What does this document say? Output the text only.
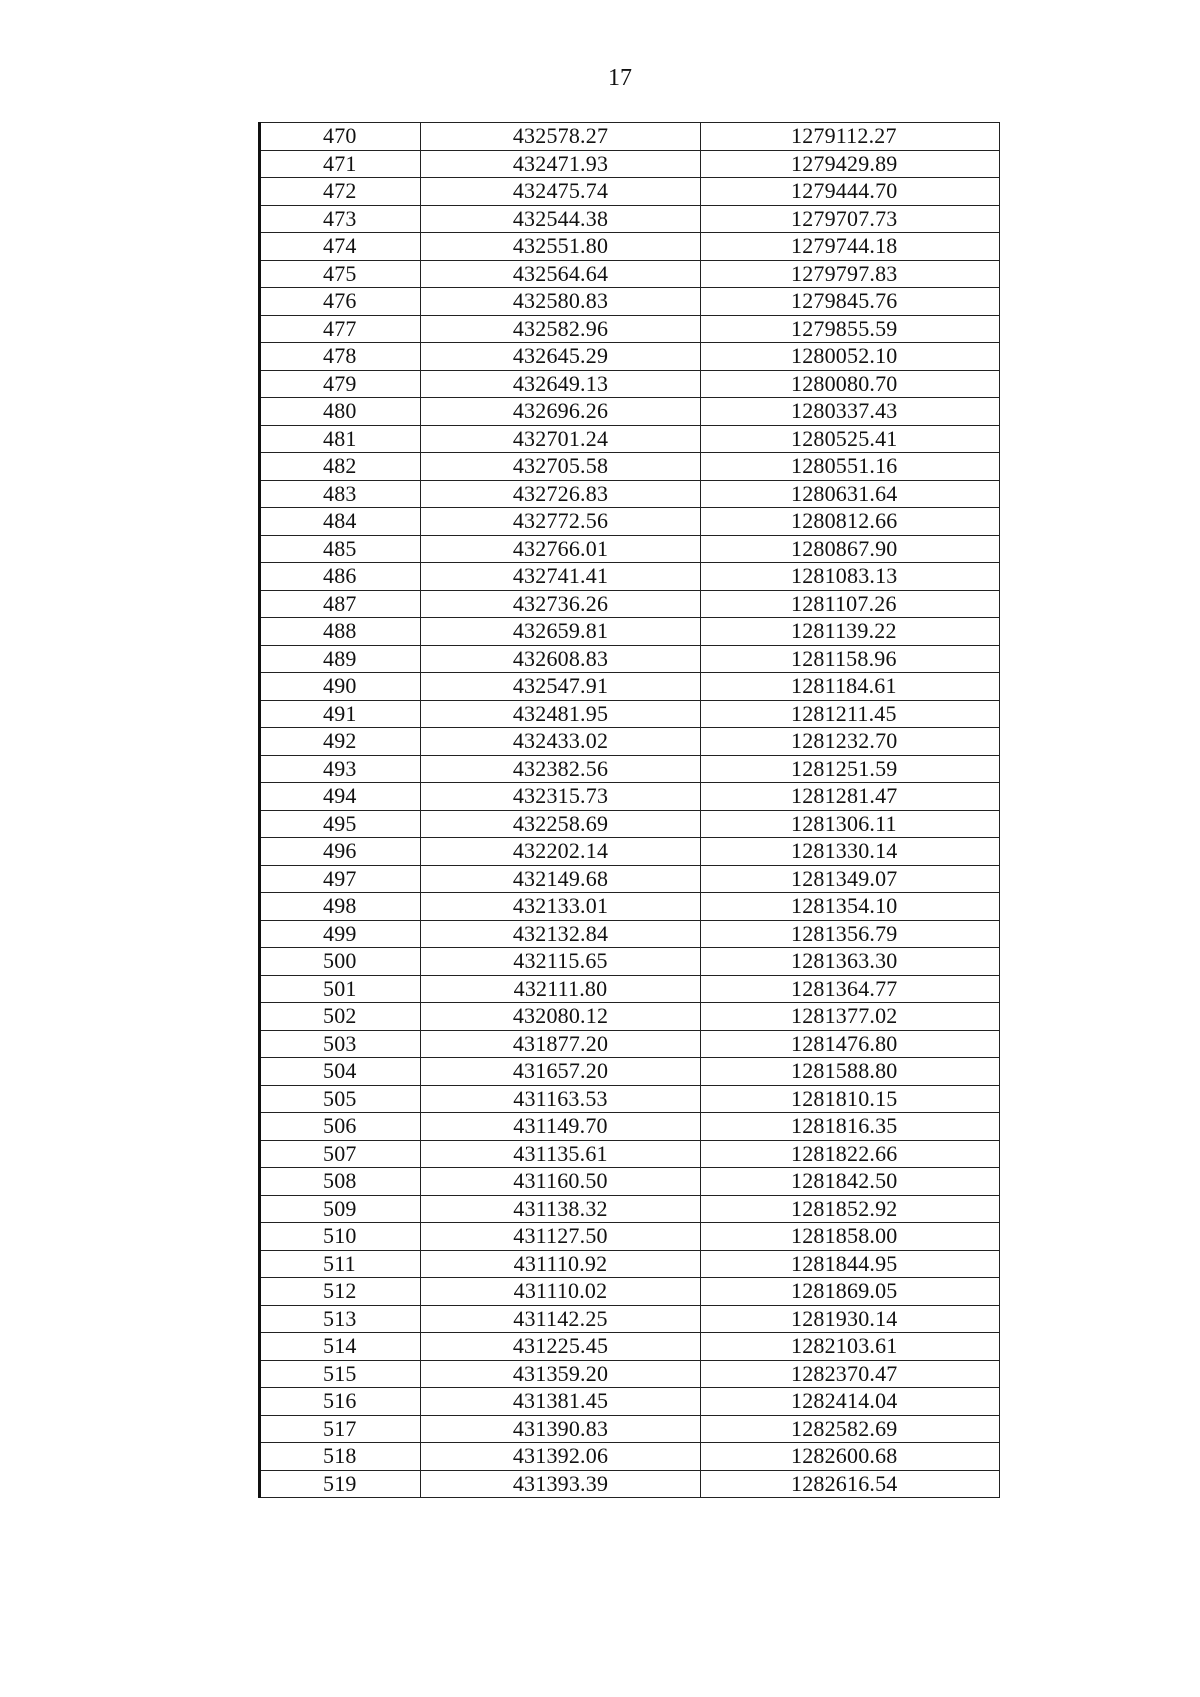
17
470	432578.27	1279112.27
471	432471.93	1279429.89
472	432475.74	1279444.70
473	432544.38	1279707.73
474	432551.80	1279744.18
475	432564.64	1279797.83
476	432580.83	1279845.76
477	432582.96	1279855.59
478	432645.29	1280052.10
479	432649.13	1280080.70
480	432696.26	1280337.43
481	432701.24	1280525.41
482	432705.58	1280551.16
483	432726.83	1280631.64
484	432772.56	1280812.66
485	432766.01	1280867.90
486	432741.41	1281083.13
487	432736.26	1281107.26
488	432659.81	1281139.22
489	432608.83	1281158.96
490	432547.91	1281184.61
491	432481.95	1281211.45
492	432433.02	1281232.70
493	432382.56	1281251.59
494	432315.73	1281281.47
495	432258.69	1281306.11
496	432202.14	1281330.14
497	432149.68	1281349.07
498	432133.01	1281354.10
499	432132.84	1281356.79
500	432115.65	1281363.30
501	432111.80	1281364.77
502	432080.12	1281377.02
503	431877.20	1281476.80
504	431657.20	1281588.80
505	431163.53	1281810.15
506	431149.70	1281816.35
507	431135.61	1281822.66
508	431160.50	1281842.50
509	431138.32	1281852.92
510	431127.50	1281858.00
511	431110.92	1281844.95
512	431110.02	1281869.05
513	431142.25	1281930.14
514	431225.45	1282103.61
515	431359.20	1282370.47
516	431381.45	1282414.04
517	431390.83	1282582.69
518	431392.06	1282600.68
519	431393.39	1282616.54
